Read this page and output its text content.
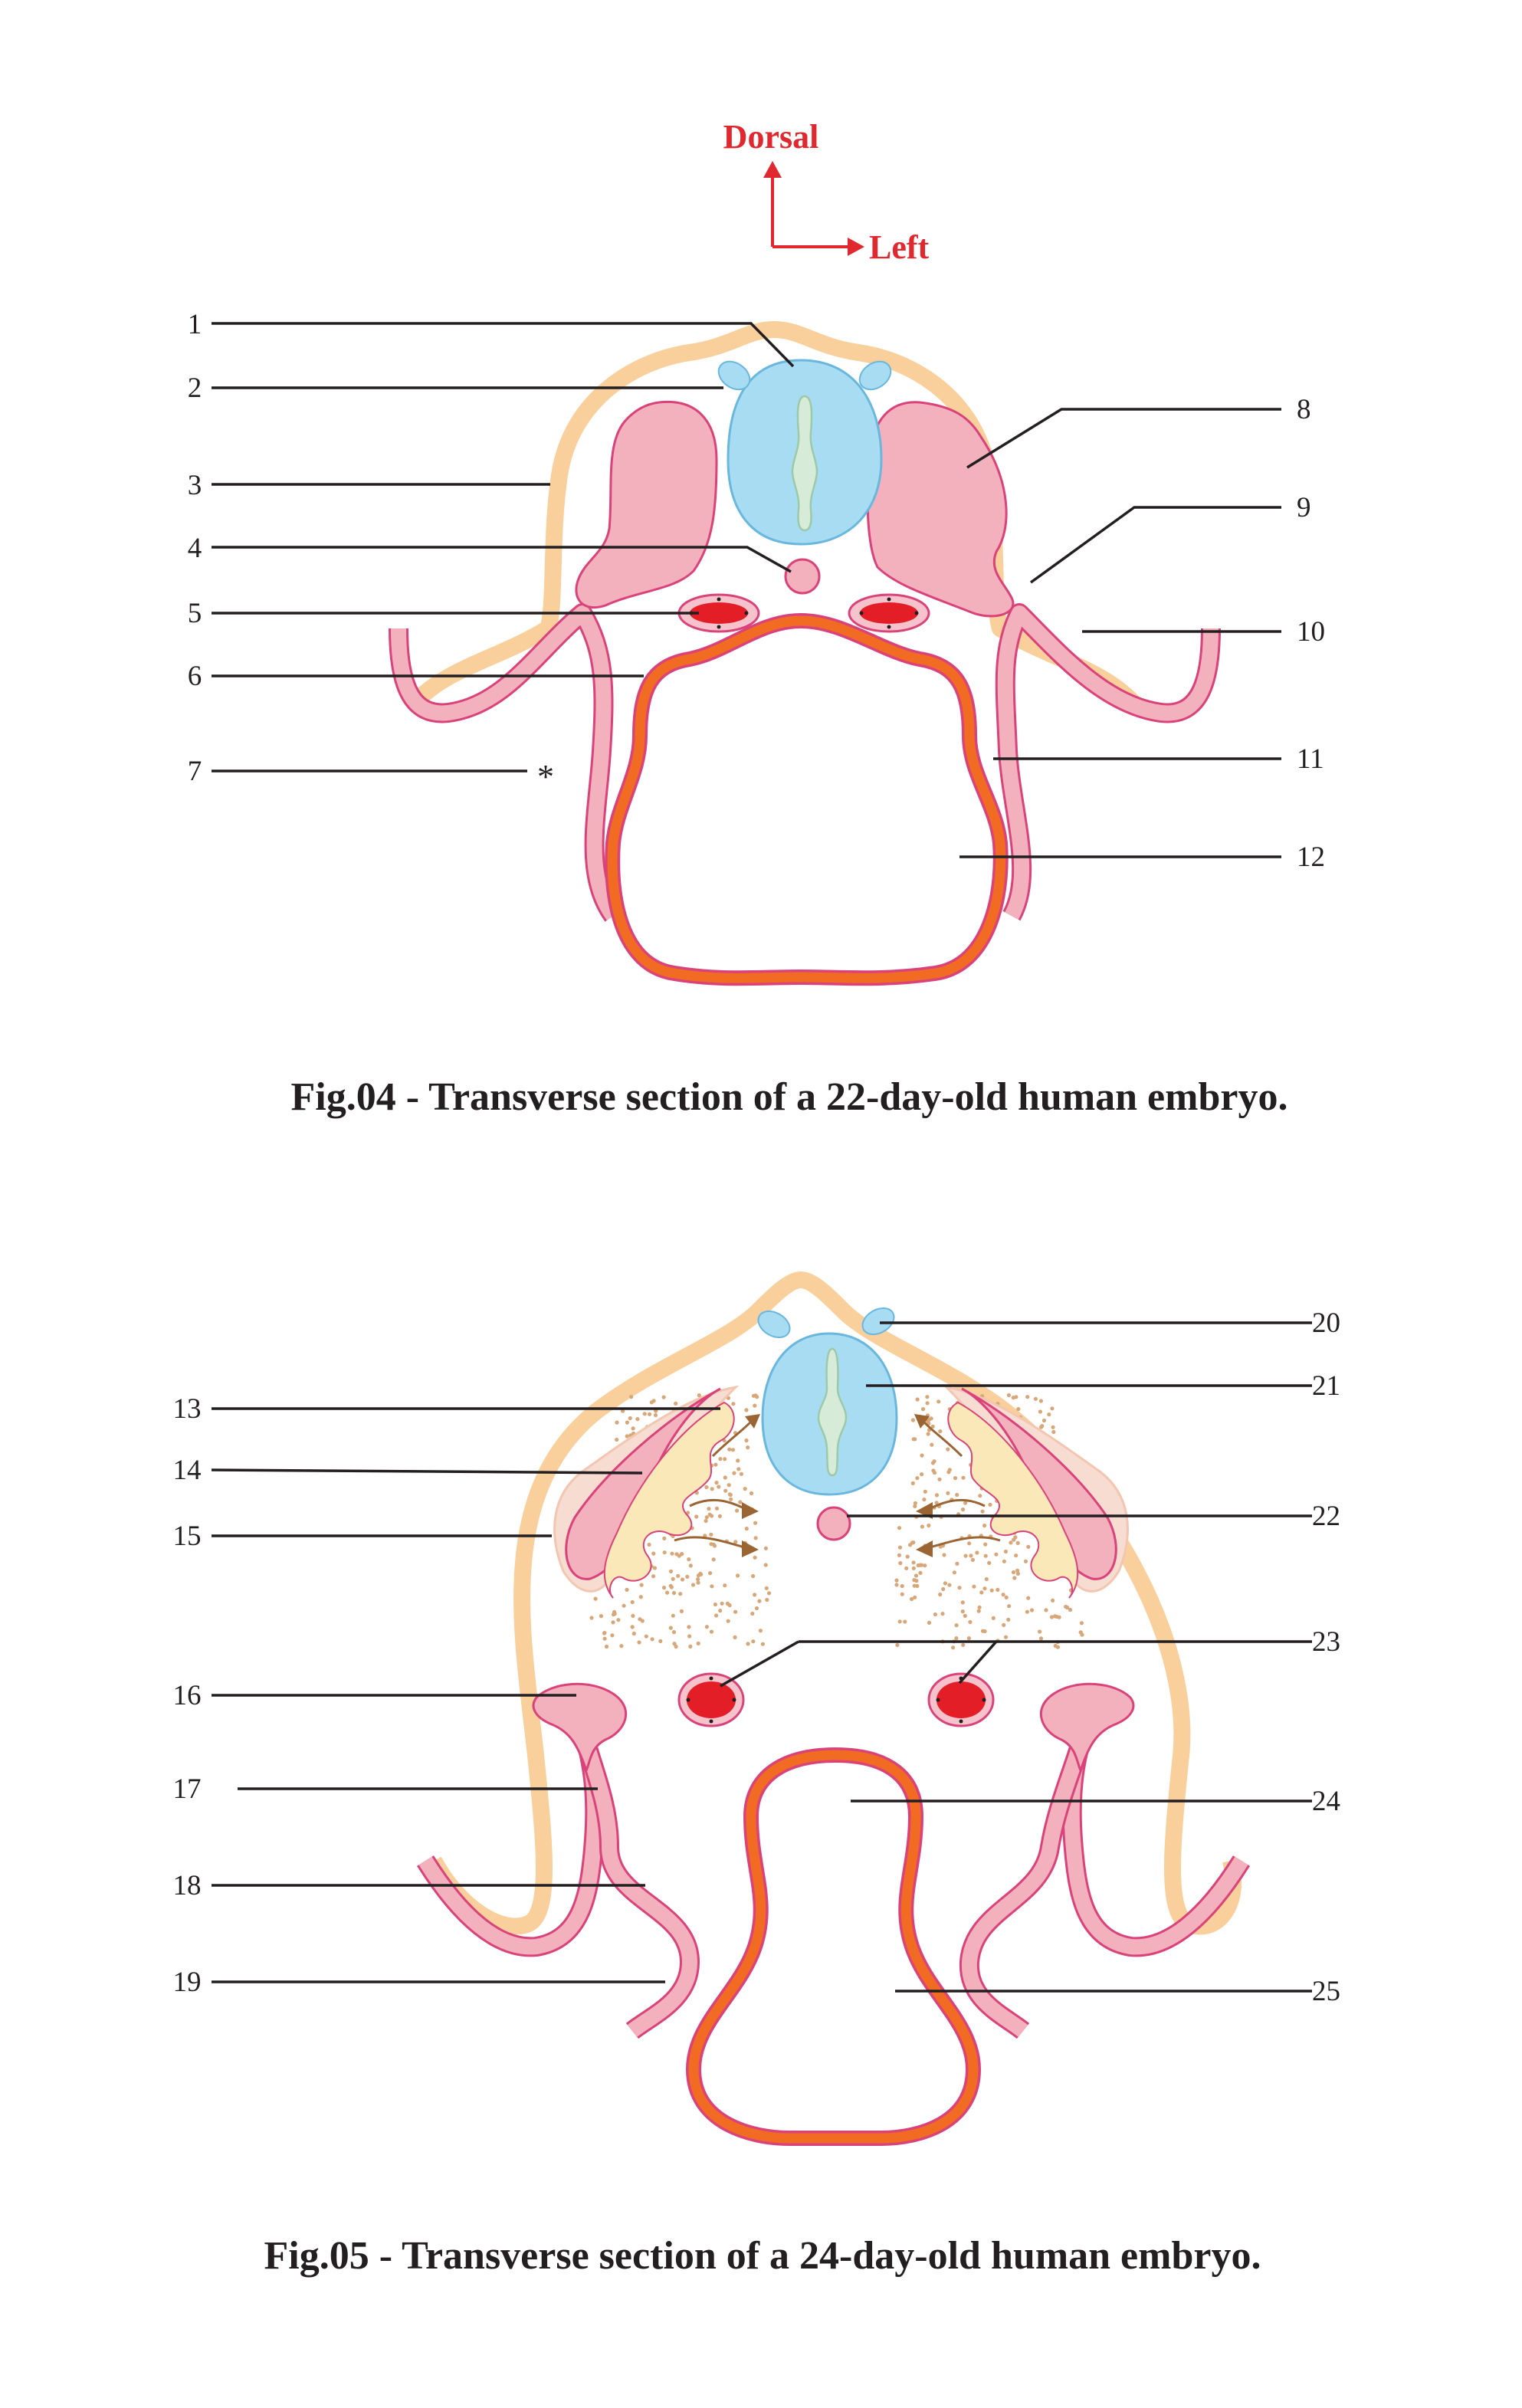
Dorsal
Left
1
2
3
4
5
6
7	*
8
9
10
11
12
Fig.04 - Transverse section of a 22-day-old human embryo.
13
14
15
16
17
18
19
20
21
22
23
24
25
Fig.05 - Transverse section of a 24-day-old human embryo.
